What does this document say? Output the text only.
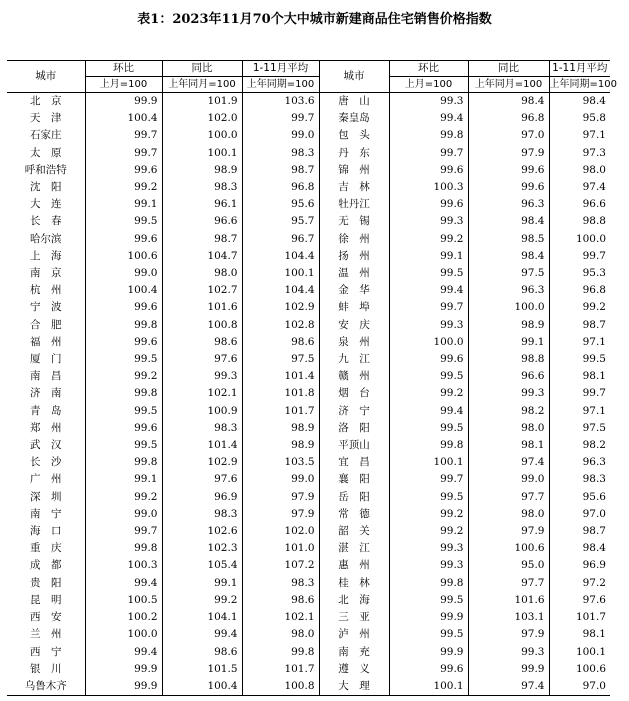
表1：2023年11月70个大中城市新建商品住宅销售价格指数
城市	环比	同比	1-11月平均	城市	环比	同比	1-11月平均
	上月=100	上年同月=100	上年同期=100		上月=100	上年同月=100	上年同期=100
北　京	99.9	101.9	103.6	唐　山	99.3	98.4	98.4
天　津	100.4	102.0	99.7	秦皇岛	99.4	96.8	95.8
石家庄	99.7	100.0	99.0	包　头	99.8	97.0	97.1
太　原	99.7	100.1	98.3	丹　东	99.7	97.9	97.3
呼和浩特	99.6	98.9	98.7	锦　州	99.6	99.6	98.0
沈　阳	99.2	98.3	96.8	吉　林	100.3	99.6	97.4
大　连	99.1	96.1	95.6	牡丹江	99.6	96.3	96.6
长　春	99.5	96.6	95.7	无　锡	99.3	98.4	98.8
哈尔滨	99.6	98.7	96.7	徐　州	99.2	98.5	100.0
上　海	100.6	104.7	104.4	扬　州	99.1	98.4	99.7
南　京	99.0	98.0	100.1	温　州	99.5	97.5	95.3
杭　州	100.4	102.7	104.4	金　华	99.4	96.3	96.8
宁　波	99.6	101.6	102.9	蚌　埠	99.7	100.0	99.2
合　肥	99.8	100.8	102.8	安　庆	99.3	98.9	98.7
福　州	99.6	98.6	98.6	泉　州	100.0	99.1	97.1
厦　门	99.5	97.6	97.5	九　江	99.6	98.8	99.5
南　昌	99.2	99.3	101.4	赣　州	99.5	96.6	98.1
济　南	99.8	102.1	101.8	烟　台	99.2	99.3	99.7
青　岛	99.5	100.9	101.7	济　宁	99.4	98.2	97.1
郑　州	99.6	98.3	98.9	洛　阳	99.5	98.0	97.5
武　汉	99.5	101.4	98.9	平顶山	99.8	98.1	98.2
长　沙	99.8	102.9	103.5	宜　昌	100.1	97.4	96.3
广　州	99.1	97.6	99.0	襄　阳	99.7	99.0	98.3
深　圳	99.2	96.9	97.9	岳　阳	99.5	97.7	95.6
南　宁	99.0	98.3	97.9	常　德	99.2	98.0	97.0
海　口	99.7	102.6	102.0	韶　关	99.2	97.9	98.7
重　庆	99.8	102.3	101.0	湛　江	99.3	100.6	98.4
成　都	100.3	105.4	107.2	惠　州	99.3	95.0	96.9
贵　阳	99.4	99.1	98.3	桂　林	99.8	97.7	97.2
昆　明	100.5	99.2	98.6	北　海	99.5	101.6	97.6
西　安	100.2	104.1	102.1	三　亚	99.9	103.1	101.7
兰　州	100.0	99.4	98.0	泸　州	99.5	97.9	98.1
西　宁	99.4	98.6	99.8	南　充	99.9	99.3	100.1
银　川	99.9	101.5	101.7	遵　义	99.6	99.9	100.6
乌鲁木齐	99.9	100.4	100.8	大　理	100.1	97.4	97.0
